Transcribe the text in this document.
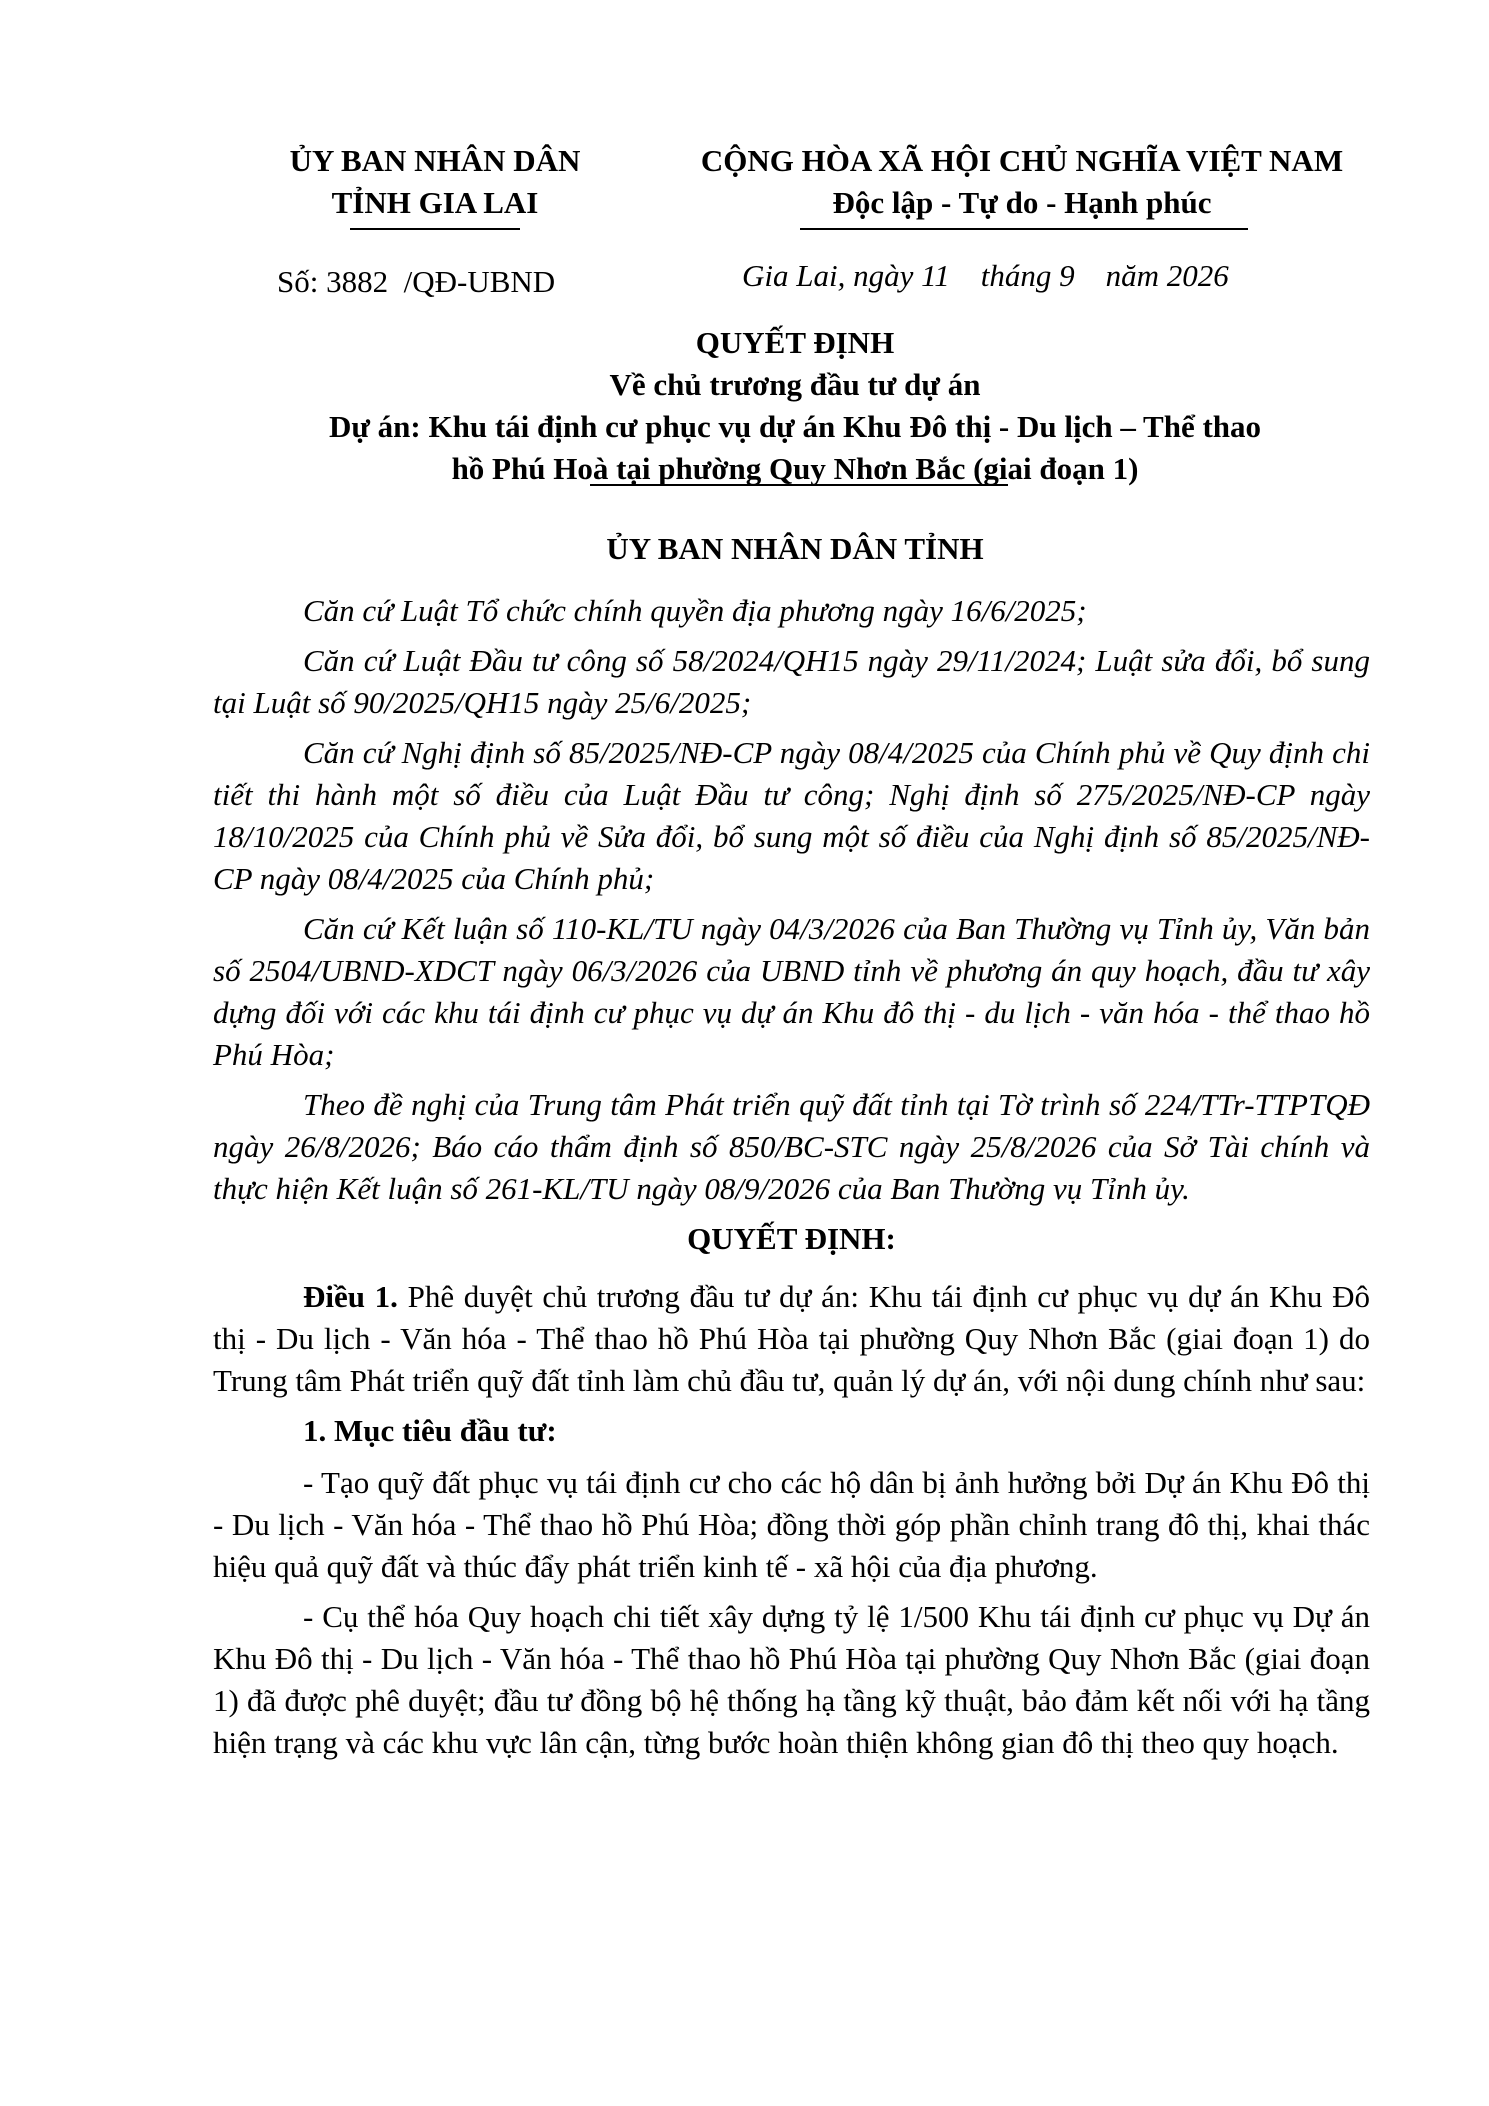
ỦY BAN NHÂN DÂN
TỈNH GIA LAI
CỘNG HÒA XÃ HỘI CHỦ NGHĨA VIỆT NAM
Độc lập - Tự do - Hạnh phúc
Số: 3882  /QĐ-UBND	Gia Lai, ngày 11    tháng 9    năm 2026
QUYẾT ĐỊNH
Về chủ trương đầu tư dự án
Dự án: Khu tái định cư phục vụ dự án Khu Đô thị - Du lịch – Thể thao
hồ Phú Hoà tại phường Quy Nhơn Bắc (giai đoạn 1)
ỦY BAN NHÂN DÂN TỈNH

Căn cứ Luật Tổ chức chính quyền địa phương ngày 16/6/2025;

Căn cứ Luật Đầu tư công số 58/2024/QH15 ngày 29/11/2024; Luật sửa đổi, bổ sung tại Luật số 90/2025/QH15 ngày 25/6/2025;

Căn cứ Nghị định số 85/2025/NĐ-CP ngày 08/4/2025 của Chính phủ về Quy định chi tiết thi hành một số điều của Luật Đầu tư công; Nghị định số 275/2025/NĐ-CP ngày 18/10/2025 của Chính phủ về Sửa đổi, bổ sung một số điều của Nghị định số 85/2025/NĐ-CP ngày 08/4/2025 của Chính phủ;

Căn cứ Kết luận số 110-KL/TU ngày 04/3/2026 của Ban Thường vụ Tỉnh ủy, Văn bản số 2504/UBND-XDCT ngày 06/3/2026 của UBND tỉnh về phương án quy hoạch, đầu tư xây dựng đối với các khu tái định cư phục vụ dự án Khu đô thị - du lịch - văn hóa - thể thao hồ Phú Hòa;

Theo đề nghị của Trung tâm Phát triển quỹ đất tỉnh tại Tờ trình số 224/TTr-TTPTQĐ ngày 26/8/2026; Báo cáo thẩm định số 850/BC-STC ngày 25/8/2026 của Sở Tài chính và thực hiện Kết luận số 261-KL/TU ngày 08/9/2026 của Ban Thường vụ Tỉnh ủy.

QUYẾT ĐỊNH:

Điều 1. Phê duyệt chủ trương đầu tư dự án: Khu tái định cư phục vụ dự án Khu Đô thị - Du lịch - Văn hóa - Thể thao hồ Phú Hòa tại phường Quy Nhơn Bắc (giai đoạn 1) do Trung tâm Phát triển quỹ đất tỉnh làm chủ đầu tư, quản lý dự án, với nội dung chính như sau:

1. Mục tiêu đầu tư:

- Tạo quỹ đất phục vụ tái định cư cho các hộ dân bị ảnh hưởng bởi Dự án Khu Đô thị - Du lịch - Văn hóa - Thể thao hồ Phú Hòa; đồng thời góp phần chỉnh trang đô thị, khai thác hiệu quả quỹ đất và thúc đẩy phát triển kinh tế - xã hội của địa phương.

- Cụ thể hóa Quy hoạch chi tiết xây dựng tỷ lệ 1/500 Khu tái định cư phục vụ Dự án Khu Đô thị - Du lịch - Văn hóa - Thể thao hồ Phú Hòa tại phường Quy Nhơn Bắc (giai đoạn 1) đã được phê duyệt; đầu tư đồng bộ hệ thống hạ tầng kỹ thuật, bảo đảm kết nối với hạ tầng hiện trạng và các khu vực lân cận, từng bước hoàn thiện không gian đô thị theo quy hoạch.
